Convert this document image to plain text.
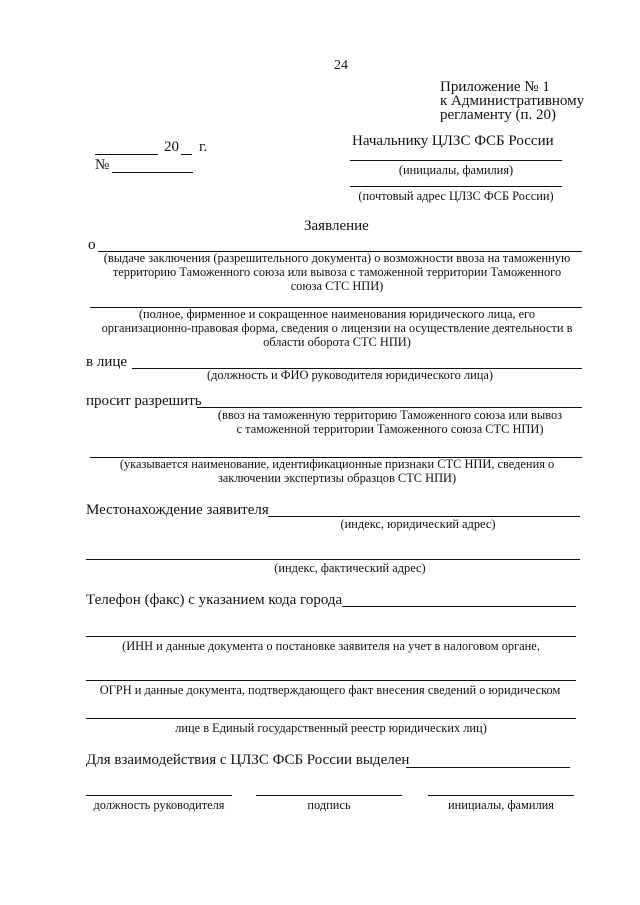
24
Приложение № 1
к Административному
регламенту (п. 20)
Начальнику ЦЛЗС ФСБ России
(инициалы, фамилия)
(почтовый адрес ЦЛЗС ФСБ России)
20 г.
№
Заявление
о
(выдаче заключения (разрешительного документа) о возможности ввоза на таможенную
территорию Таможенного союза или вывоза с таможенной территории Таможенного
союза СТС НПИ)
(полное, фирменное и сокращенное наименования юридического лица, его
организационно-правовая форма, сведения о лицензии на осуществление деятельности в
области оборота СТС НПИ)
в лице
(должность и ФИО руководителя юридического лица)
просит разрешить
(ввоз на таможенную территорию Таможенного союза или вывоз
с таможенной территории Таможенного союза СТС НПИ)
(указывается наименование, идентификационные признаки СТС НПИ, сведения о
заключении экспертизы образцов СТС НПИ)
Местонахождение заявителя
(индекс, юридический адрес)
(индекс, фактический адрес)
Телефон (факс) с указанием кода города
(ИНН и данные документа о постановке заявителя на учет в налоговом органе,
ОГРН и данные документа, подтверждающего факт внесения сведений о юридическом
лице в Единый государственный реестр юридических лиц)
Для взаимодействия с ЦЛЗС ФСБ России выделен
должность руководителя	подпись	инициалы, фамилия
